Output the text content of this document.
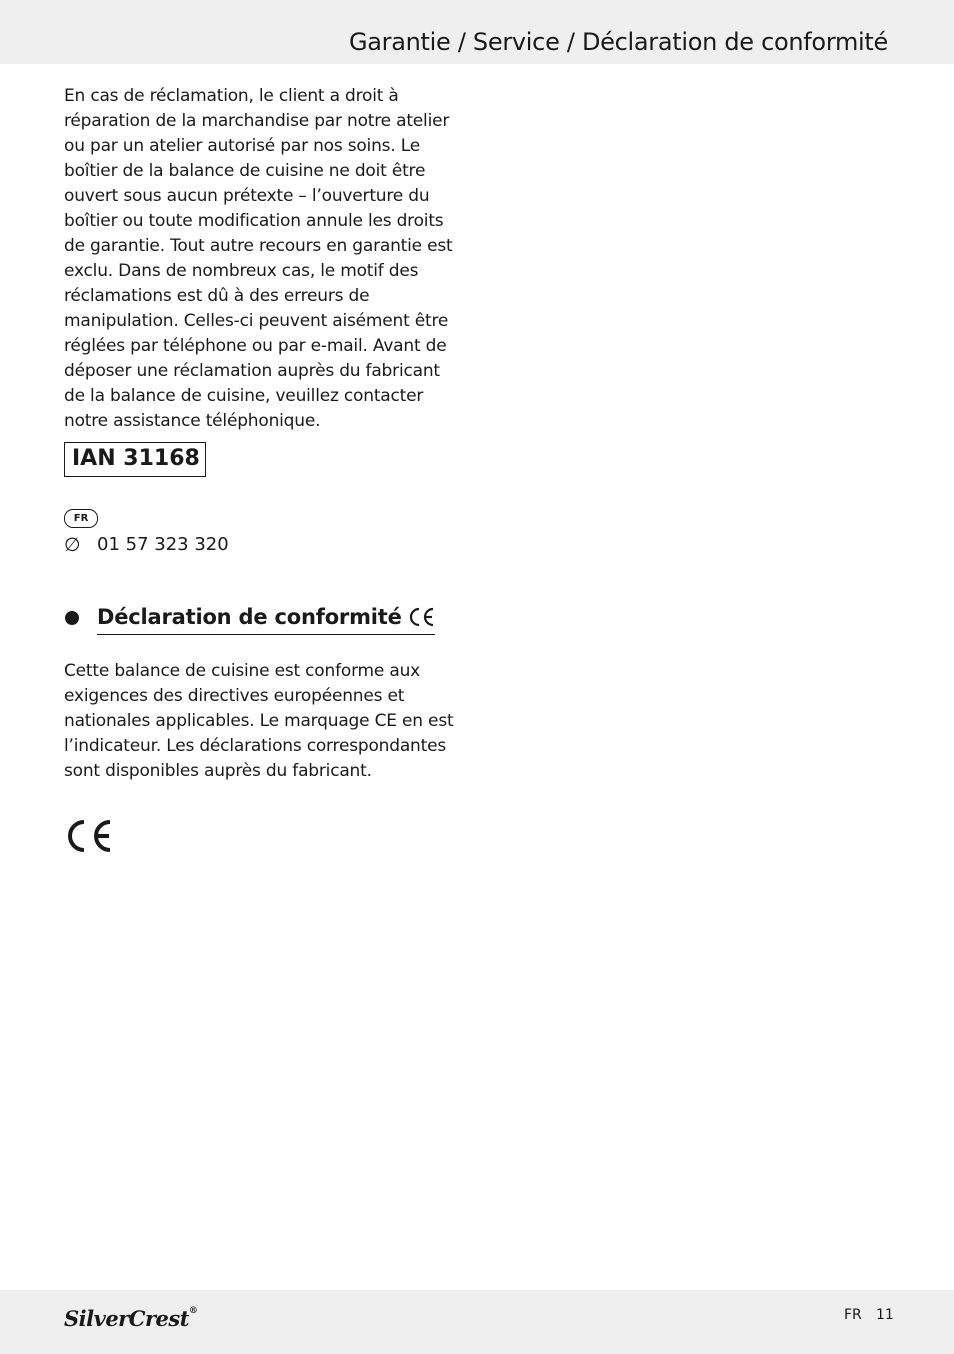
Garantie / Service / Déclaration de conformité

En cas de réclamation, le client a droit à réparation de la marchandise par notre atelier ou par un atelier autorisé par nos soins. Le boîtier de la balance de cuisine ne doit être ouvert sous aucun prétexte – l’ouverture du boîtier ou toute modification annule les droits de garantie. Tout autre recours en garantie est exclu. Dans de nombreux cas, le motif des réclamations est dû à des erreurs de manipulation. Celles-ci peuvent aisément être réglées par téléphone ou par e-mail. Avant de déposer une réclamation auprès du fabricant de la balance de cuisine, veuillez contacter notre assistance téléphonique.

IAN 31168
FR
∅ 01 57 323 320
Déclaration de conformité

Cette balance de cuisine est conforme aux exigences des directives européennes et nationales applicables. Le marquage CE en est l’indicateur. Les déclarations correspondantes sont disponibles auprès du fabricant.

SilverCrest®	FR 11
